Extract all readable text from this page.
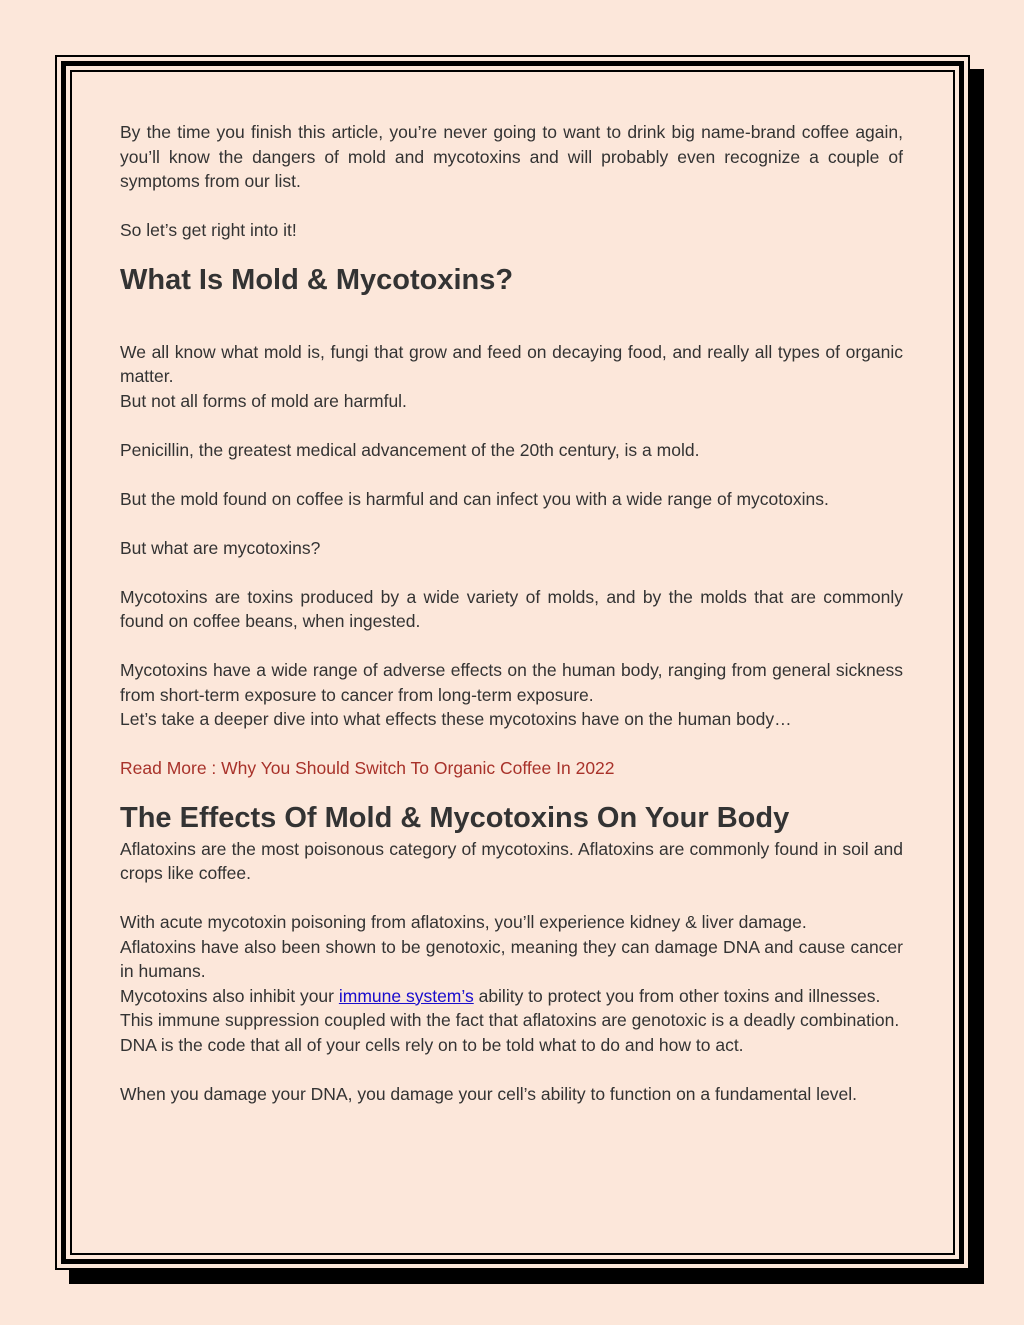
By the time you finish this article, you’re never going to want to drink big name-brand coffee again, you’ll know the dangers of mold and mycotoxins and will probably even recognize a couple of symptoms from our list.

So let’s get right into it!

What Is Mold & Mycotoxins?

We all know what mold is, fungi that grow and feed on decaying food, and really all types of organic matter.

But not all forms of mold are harmful.

Penicillin, the greatest medical advancement of the 20th century, is a mold.

But the mold found on coffee is harmful and can infect you with a wide range of mycotoxins.

But what are mycotoxins?

Mycotoxins are toxins produced by a wide variety of molds, and by the molds that are commonly found on coffee beans, when ingested.

Mycotoxins have a wide range of adverse effects on the human body, ranging from general sickness from short-term exposure to cancer from long-term exposure.

Let’s take a deeper dive into what effects these mycotoxins have on the human body…

Read More : Why You Should Switch To Organic Coffee In 2022

The Effects Of Mold & Mycotoxins On Your Body

Aflatoxins are the most poisonous category of mycotoxins. Aflatoxins are commonly found in soil and crops like coffee.

With acute mycotoxin poisoning from aflatoxins, you’ll experience kidney & liver damage.

Aflatoxins have also been shown to be genotoxic, meaning they can damage DNA and cause cancer in humans.

Mycotoxins also inhibit your immune system’s ability to protect you from other toxins and illnesses.

This immune suppression coupled with the fact that aflatoxins are genotoxic is a deadly combination.

DNA is the code that all of your cells rely on to be told what to do and how to act.

When you damage your DNA, you damage your cell’s ability to function on a fundamental level.
